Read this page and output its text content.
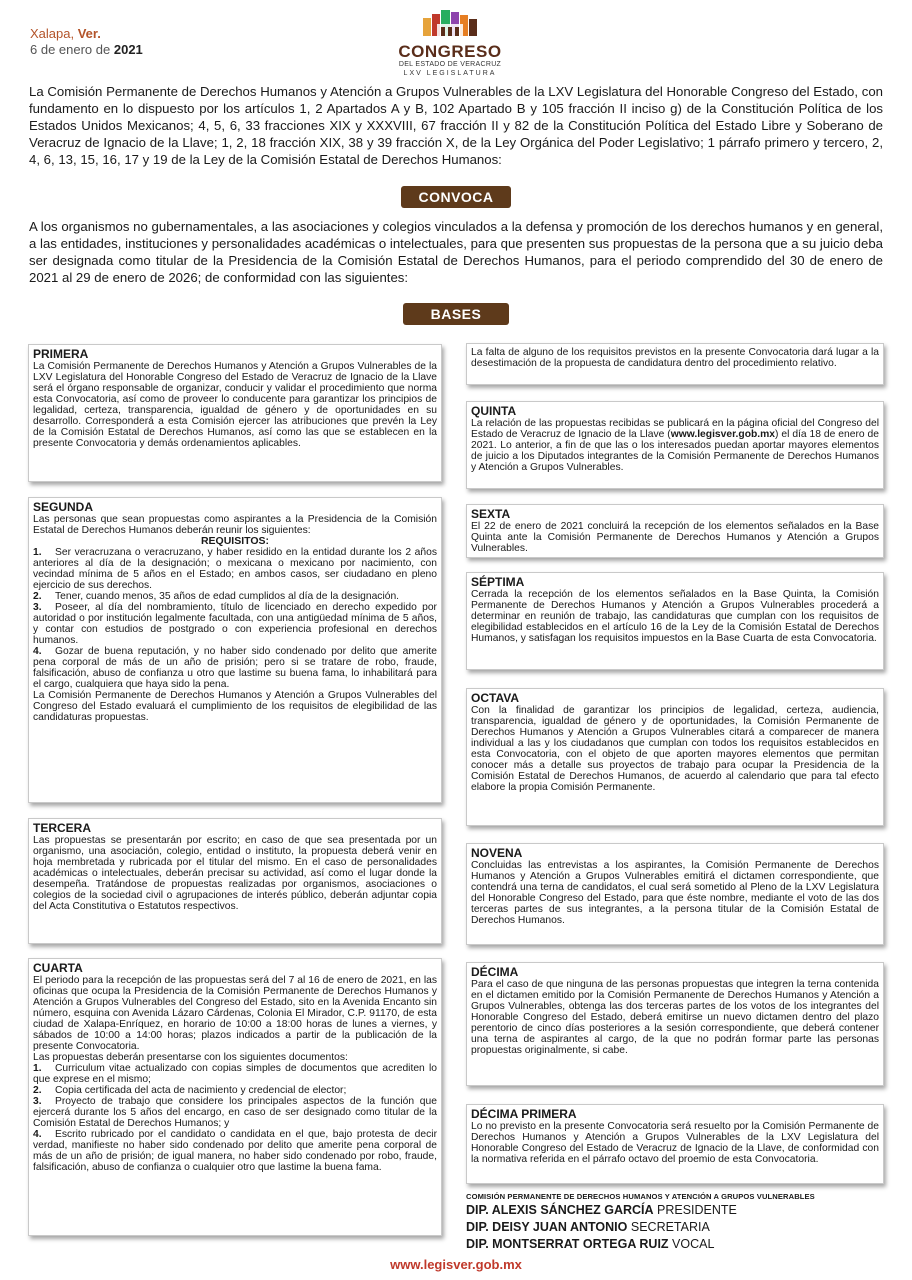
Xalapa, Ver.
6 de enero de 2021	CONGRESO
DEL ESTADO DE VERACRUZ
LXV LEGISLATURA
La Comisión Permanente de Derechos Humanos y Atención a Grupos Vulnerables de la LXV Legislatura del Honorable Congreso del Estado, con fundamento en lo dispuesto por los artículos 1, 2 Apartados A y B, 102 Apartado B y 105 fracción II inciso g) de la Constitución Política de los Estados Unidos Mexicanos; 4, 5, 6, 33 fracciones XIX y XXXVIII, 67 fracción II y 82 de la Constitución Política del Estado Libre y Soberano de Veracruz de Ignacio de la Llave; 1, 2, 18 fracción XIX, 38 y 39 fracción X, de la Ley Orgánica del Poder Legislativo; 1 párrafo primero y tercero, 2, 4, 6, 13, 15, 16, 17 y 19 de la Ley de la Comisión Estatal de Derechos Humanos:
CONVOCA
A los organismos no gubernamentales, a las asociaciones y colegios vinculados a la defensa y promoción de los derechos humanos y en general, a las entidades, instituciones y personalidades académicas o intelectuales, para que presenten sus propuestas de la persona que a su juicio deba ser designada como titular de la Presidencia de la Comisión Estatal de Derechos Humanos, para el periodo comprendido del 30 de enero de 2021 al 29 de enero de 2026; de conformidad con las siguientes:
BASES
PRIMERA

La Comisión Permanente de Derechos Humanos y Atención a Grupos Vulnerables de la LXV Legislatura del Honorable Congreso del Estado de Veracruz de Ignacio de la Llave será el órgano responsable de organizar, conducir y validar el procedimiento que norma esta Convocatoria, así como de proveer lo conducente para garantizar los principios de legalidad, certeza, transparencia, igualdad de género y de oportunidades en su desarrollo. Corresponderá a esta Comisión ejercer las atribuciones que prevén la Ley de la Comisión Estatal de Derechos Humanos, así como las que se establecen en la presente Convocatoria y demás ordenamientos aplicables.

SEGUNDA

Las personas que sean propuestas como aspirantes a la Presidencia de la Comisión Estatal de Derechos Humanos deberán reunir los siguientes:

REQUISITOS:

1. Ser veracruzana o veracruzano, y haber residido en la entidad durante los 2 años anteriores al día de la designación; o mexicana o mexicano por nacimiento, con vecindad mínima de 5 años en el Estado; en ambos casos, ser ciudadano en pleno ejercicio de sus derechos.

2. Tener, cuando menos, 35 años de edad cumplidos al día de la designación.

3. Poseer, al día del nombramiento, título de licenciado en derecho expedido por autoridad o por institución legalmente facultada, con una antigüedad mínima de 5 años, y contar con estudios de postgrado o con experiencia profesional en derechos humanos.

4. Gozar de buena reputación, y no haber sido condenado por delito que amerite pena corporal de más de un año de prisión; pero si se tratare de robo, fraude, falsificación, abuso de confianza u otro que lastime su buena fama, lo inhabilitará para el cargo, cualquiera que haya sido la pena.

La Comisión Permanente de Derechos Humanos y Atención a Grupos Vulnerables del Congreso del Estado evaluará el cumplimiento de los requisitos de elegibilidad de las candidaturas propuestas.

TERCERA

Las propuestas se presentarán por escrito; en caso de que sea presentada por un organismo, una asociación, colegio, entidad o instituto, la propuesta deberá venir en hoja membretada y rubricada por el titular del mismo. En el caso de personalidades académicas o intelectuales, deberán precisar su actividad, así como el lugar donde la desempeña. Tratándose de propuestas realizadas por organismos, asociaciones o colegios de la sociedad civil o agrupaciones de interés público, deberán adjuntar copia del Acta Constitutiva o Estatutos respectivos.

CUARTA

El periodo para la recepción de las propuestas será del 7 al 16 de enero de 2021, en las oficinas que ocupa la Presidencia de la Comisión Permanente de Derechos Humanos y Atención a Grupos Vulnerables del Congreso del Estado, sito en la Avenida Encanto sin número, esquina con Avenida Lázaro Cárdenas, Colonia El Mirador, C.P. 91170, de esta ciudad de Xalapa-Enríquez, en horario de 10:00 a 18:00 horas de lunes a viernes, y sábados de 10:00 a 14:00 horas; plazos indicados a partir de la publicación de la presente Convocatoria.

Las propuestas deberán presentarse con los siguientes documentos:

1. Curriculum vitae actualizado con copias simples de documentos que acrediten lo que exprese en el mismo;

2. Copia certificada del acta de nacimiento y credencial de elector;

3. Proyecto de trabajo que considere los principales aspectos de la función que ejercerá durante los 5 años del encargo, en caso de ser designado como titular de la Comisión Estatal de Derechos Humanos; y

4. Escrito rubricado por el candidato o candidata en el que, bajo protesta de decir verdad, manifieste no haber sido condenado por delito que amerite pena corporal de más de un año de prisión; de igual manera, no haber sido condenado por robo, fraude, falsificación, abuso de confianza o cualquier otro que lastime la buena fama.

La falta de alguno de los requisitos previstos en la presente Convocatoria dará lugar a la desestimación de la propuesta de candidatura dentro del procedimiento relativo.

QUINTA

La relación de las propuestas recibidas se publicará en la página oficial del Congreso del Estado de Veracruz de Ignacio de la Llave (www.legisver.gob.mx) el día 18 de enero de 2021. Lo anterior, a fin de que las o los interesados puedan aportar mayores elementos de juicio a los Diputados integrantes de la Comisión Permanente de Derechos Humanos y Atención a Grupos Vulnerables.

SEXTA

El 22 de enero de 2021 concluirá la recepción de los elementos señalados en la Base Quinta ante la Comisión Permanente de Derechos Humanos y Atención a Grupos Vulnerables.

SÉPTIMA

Cerrada la recepción de los elementos señalados en la Base Quinta, la Comisión Permanente de Derechos Humanos y Atención a Grupos Vulnerables procederá a determinar en reunión de trabajo, las candidaturas que cumplan con los requisitos de elegibilidad establecidos en el artículo 16 de la Ley de la Comisión Estatal de Derechos Humanos, y satisfagan los requisitos impuestos en la Base Cuarta de esta Convocatoria.

OCTAVA

Con la finalidad de garantizar los principios de legalidad, certeza, audiencia, transparencia, igualdad de género y de oportunidades, la Comisión Permanente de Derechos Humanos y Atención a Grupos Vulnerables citará a comparecer de manera individual a las y los ciudadanos que cumplan con todos los requisitos establecidos en esta Convocatoria, con el objeto de que aporten mayores elementos que permitan conocer más a detalle sus proyectos de trabajo para ocupar la Presidencia de la Comisión Estatal de Derechos Humanos, de acuerdo al calendario que para tal efecto elabore la propia Comisión Permanente.

NOVENA

Concluidas las entrevistas a los aspirantes, la Comisión Permanente de Derechos Humanos y Atención a Grupos Vulnerables emitirá el dictamen correspondiente, que contendrá una terna de candidatos, el cual será sometido al Pleno de la LXV Legislatura del Honorable Congreso del Estado, para que éste nombre, mediante el voto de las dos terceras partes de sus integrantes, a la persona titular de la Comisión Estatal de Derechos Humanos.

DÉCIMA

Para el caso de que ninguna de las personas propuestas que integren la terna contenida en el dictamen emitido por la Comisión Permanente de Derechos Humanos y Atención a Grupos Vulnerables, obtenga las dos terceras partes de los votos de los integrantes del Honorable Congreso del Estado, deberá emitirse un nuevo dictamen dentro del plazo perentorio de cinco días posteriores a la sesión correspondiente, que deberá contener una terna de aspirantes al cargo, de la que no podrán formar parte las personas propuestas originalmente, si cabe.

DÉCIMA PRIMERA

Lo no previsto en la presente Convocatoria será resuelto por la Comisión Permanente de Derechos Humanos y Atención a Grupos Vulnerables de la LXV Legislatura del Honorable Congreso del Estado de Veracruz de Ignacio de la Llave, de conformidad con la normativa referida en el párrafo octavo del proemio de esta Convocatoria.

COMISIÓN PERMANENTE DE DERECHOS HUMANOS Y ATENCIÓN A GRUPOS VULNERABLES
DIP. ALEXIS SÁNCHEZ GARCÍA PRESIDENTE
DIP. DEISY JUAN ANTONIO SECRETARIA
DIP. MONTSERRAT ORTEGA RUIZ VOCAL
www.legisver.gob.mx
